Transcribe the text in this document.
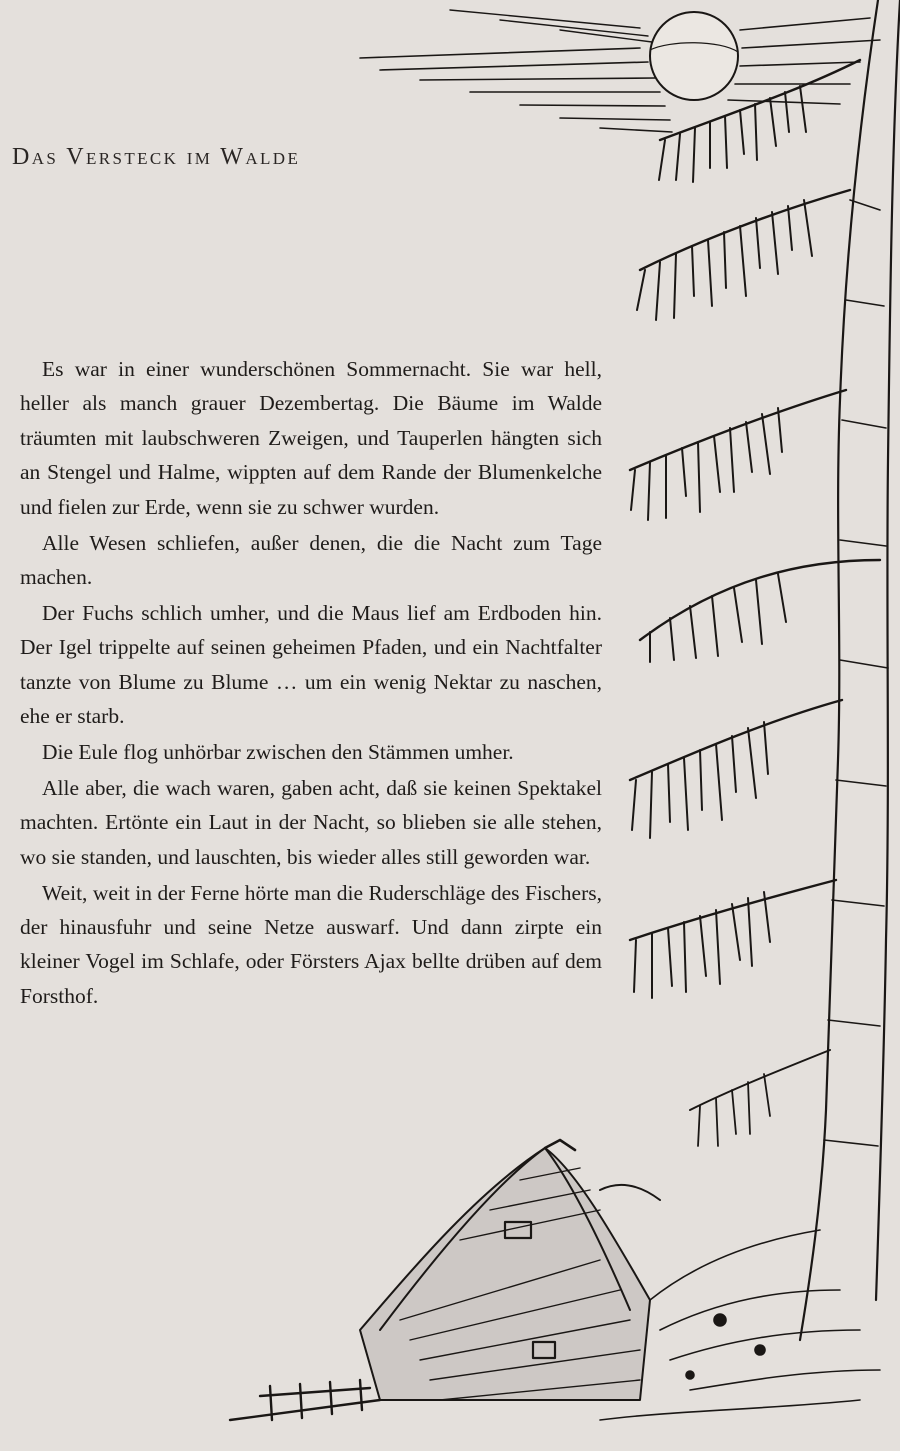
Das Versteck im Walde

Es war in einer wunderschönen Sommernacht. Sie war hell, heller als manch grauer Dezembertag. Die Bäume im Walde träumten mit laubschweren Zweigen, und Tauperlen hängten sich an Stengel und Halme, wippten auf dem Rande der Blumenkelche und fielen zur Erde, wenn sie zu schwer wurden.

Alle Wesen schliefen, außer denen, die die Nacht zum Tage machen.

Der Fuchs schlich umher, und die Maus lief am Erdboden hin. Der Igel trippelte auf seinen geheimen Pfaden, und ein Nachtfalter tanzte von Blume zu Blume … um ein wenig Nektar zu naschen, ehe er starb.

Die Eule flog unhörbar zwischen den Stämmen umher.

Alle aber, die wach waren, gaben acht, daß sie keinen Spektakel machten. Ertönte ein Laut in der Nacht, so blieben sie alle stehen, wo sie standen, und lauschten, bis wieder alles still geworden war.

Weit, weit in der Ferne hörte man die Ruderschläge des Fischers, der hinausfuhr und seine Netze auswarf. Und dann zirpte ein kleiner Vogel im Schlafe, oder Försters Ajax bellte drüben auf dem Forsthof.
